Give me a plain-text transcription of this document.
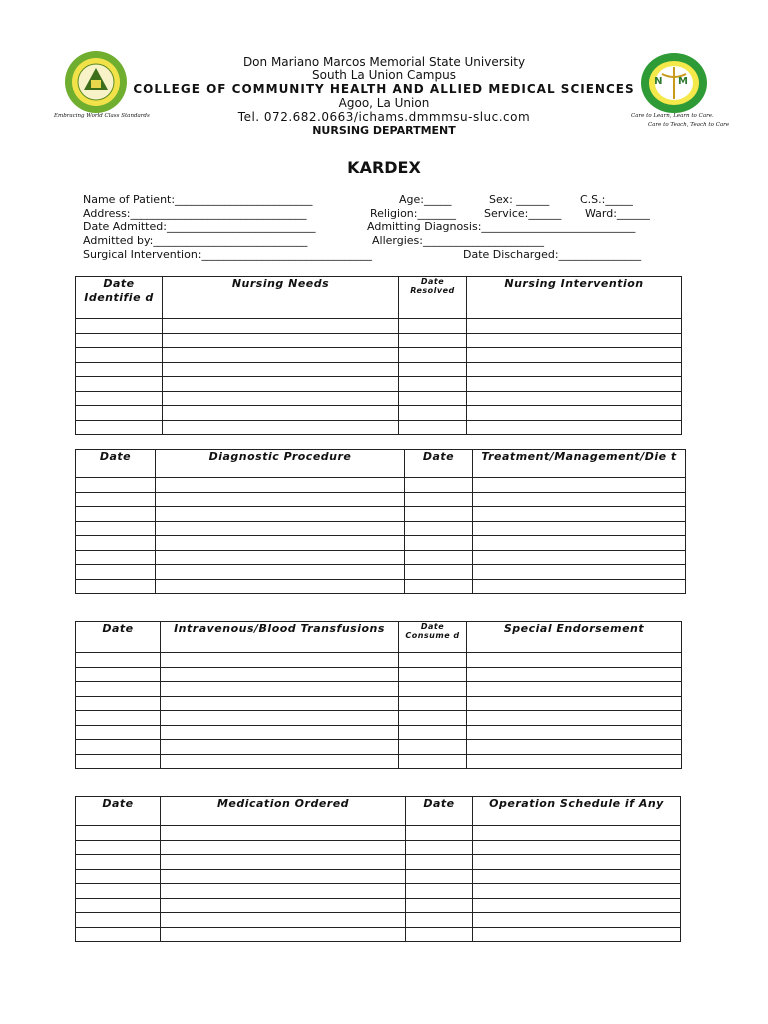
Embracing World Class Standards
N M
Care to Learn, Learn to Care.
Care to Teach, Teach to Care
Don Mariano Marcos Memorial State University
South La Union Campus
COLLEGE OF COMMUNITY HEALTH AND ALLIED MEDICAL SCIENCES
Agoo, La Union
Tel. 072.682.0663/ichams.dmmmsu-sluc.com
NURSING DEPARTMENT
KARDEX
Name of Patient:_________________________	Age:_____	Sex: ______	C.S.:_____
Address:________________________________	Religion:_______	Service:______ Ward:______
Date Admitted:___________________________	Admitting Diagnosis:____________________________
Admitted by:____________________________	Allergies:______________________
Surgical Intervention:_______________________________	Date Discharged:_______________
Date Identifie d	Nursing Needs	Date Resolved	Nursing Intervention

Date	Diagnostic Procedure	Date	Treatment/Management/Die t

Date	Intravenous/Blood Transfusions	Date Consume d	Special Endorsement

Date	Medication Ordered	Date	Operation Schedule if Any
